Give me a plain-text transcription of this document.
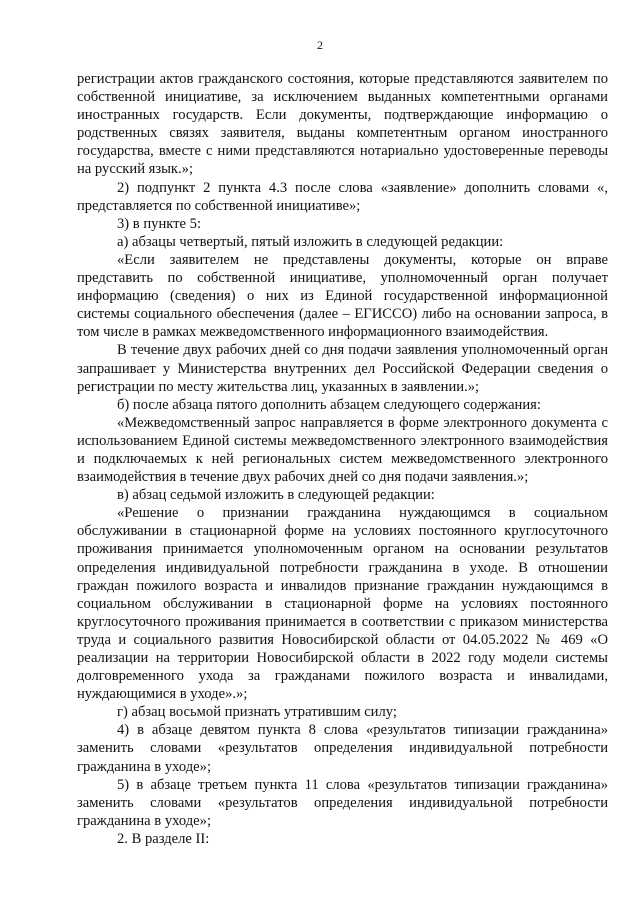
2

регистрации актов гражданского состояния, которые представляются заявителем по собственной инициативе, за исключением выданных компетентными органами иностранных государств. Если документы, подтверждающие информацию о родственных связях заявителя, выданы компетентным органом иностранного государства, вместе с ними представляются нотариально удостоверенные переводы на русский язык.»;

2) подпункт 2 пункта 4.3 после слова «заявление» дополнить словами «, представляется по собственной инициативе»;

3) в пункте 5:

а) абзацы четвертый, пятый изложить в следующей редакции:

«Если заявителем не представлены документы, которые он вправе представить по собственной инициативе, уполномоченный орган получает информацию (сведения) о них из Единой государственной информационной системы социального обеспечения (далее – ЕГИССО) либо на основании запроса, в том числе в рамках межведомственного информационного взаимодействия.

В течение двух рабочих дней со дня подачи заявления уполномоченный орган запрашивает у Министерства внутренних дел Российской Федерации сведения о регистрации по месту жительства лиц, указанных в заявлении.»;

б) после абзаца пятого дополнить абзацем следующего содержания:

«Межведомственный запрос направляется в форме электронного документа с использованием Единой системы межведомственного электронного взаимодействия и подключаемых к ней региональных систем межведомственного электронного взаимодействия в течение двух рабочих дней со дня подачи заявления.»;

в) абзац седьмой изложить в следующей редакции:

«Решение о признании гражданина нуждающимся в социальном обслуживании в стационарной форме на условиях постоянного круглосуточного проживания принимается уполномоченным органом на основании результатов определения индивидуальной потребности гражданина в уходе. В отношении граждан пожилого возраста и инвалидов признание гражданин нуждающимся в социальном обслуживании в стационарной форме на условиях постоянного круглосуточного проживания принимается в соответствии с приказом министерства труда и социального развития Новосибирской области от 04.05.2022 № 469 «О реализации на территории Новосибирской области в 2022 году модели системы долговременного ухода за гражданами пожилого возраста и инвалидами, нуждающимися в уходе».»;

г) абзац восьмой признать утратившим силу;

4) в абзаце девятом пункта 8 слова «результатов типизации гражданина» заменить словами «результатов определения индивидуальной потребности гражданина в уходе»;

5) в абзаце третьем пункта 11 слова «результатов типизации гражданина» заменить словами «результатов определения индивидуальной потребности гражданина в уходе»;

2. В разделе II:
